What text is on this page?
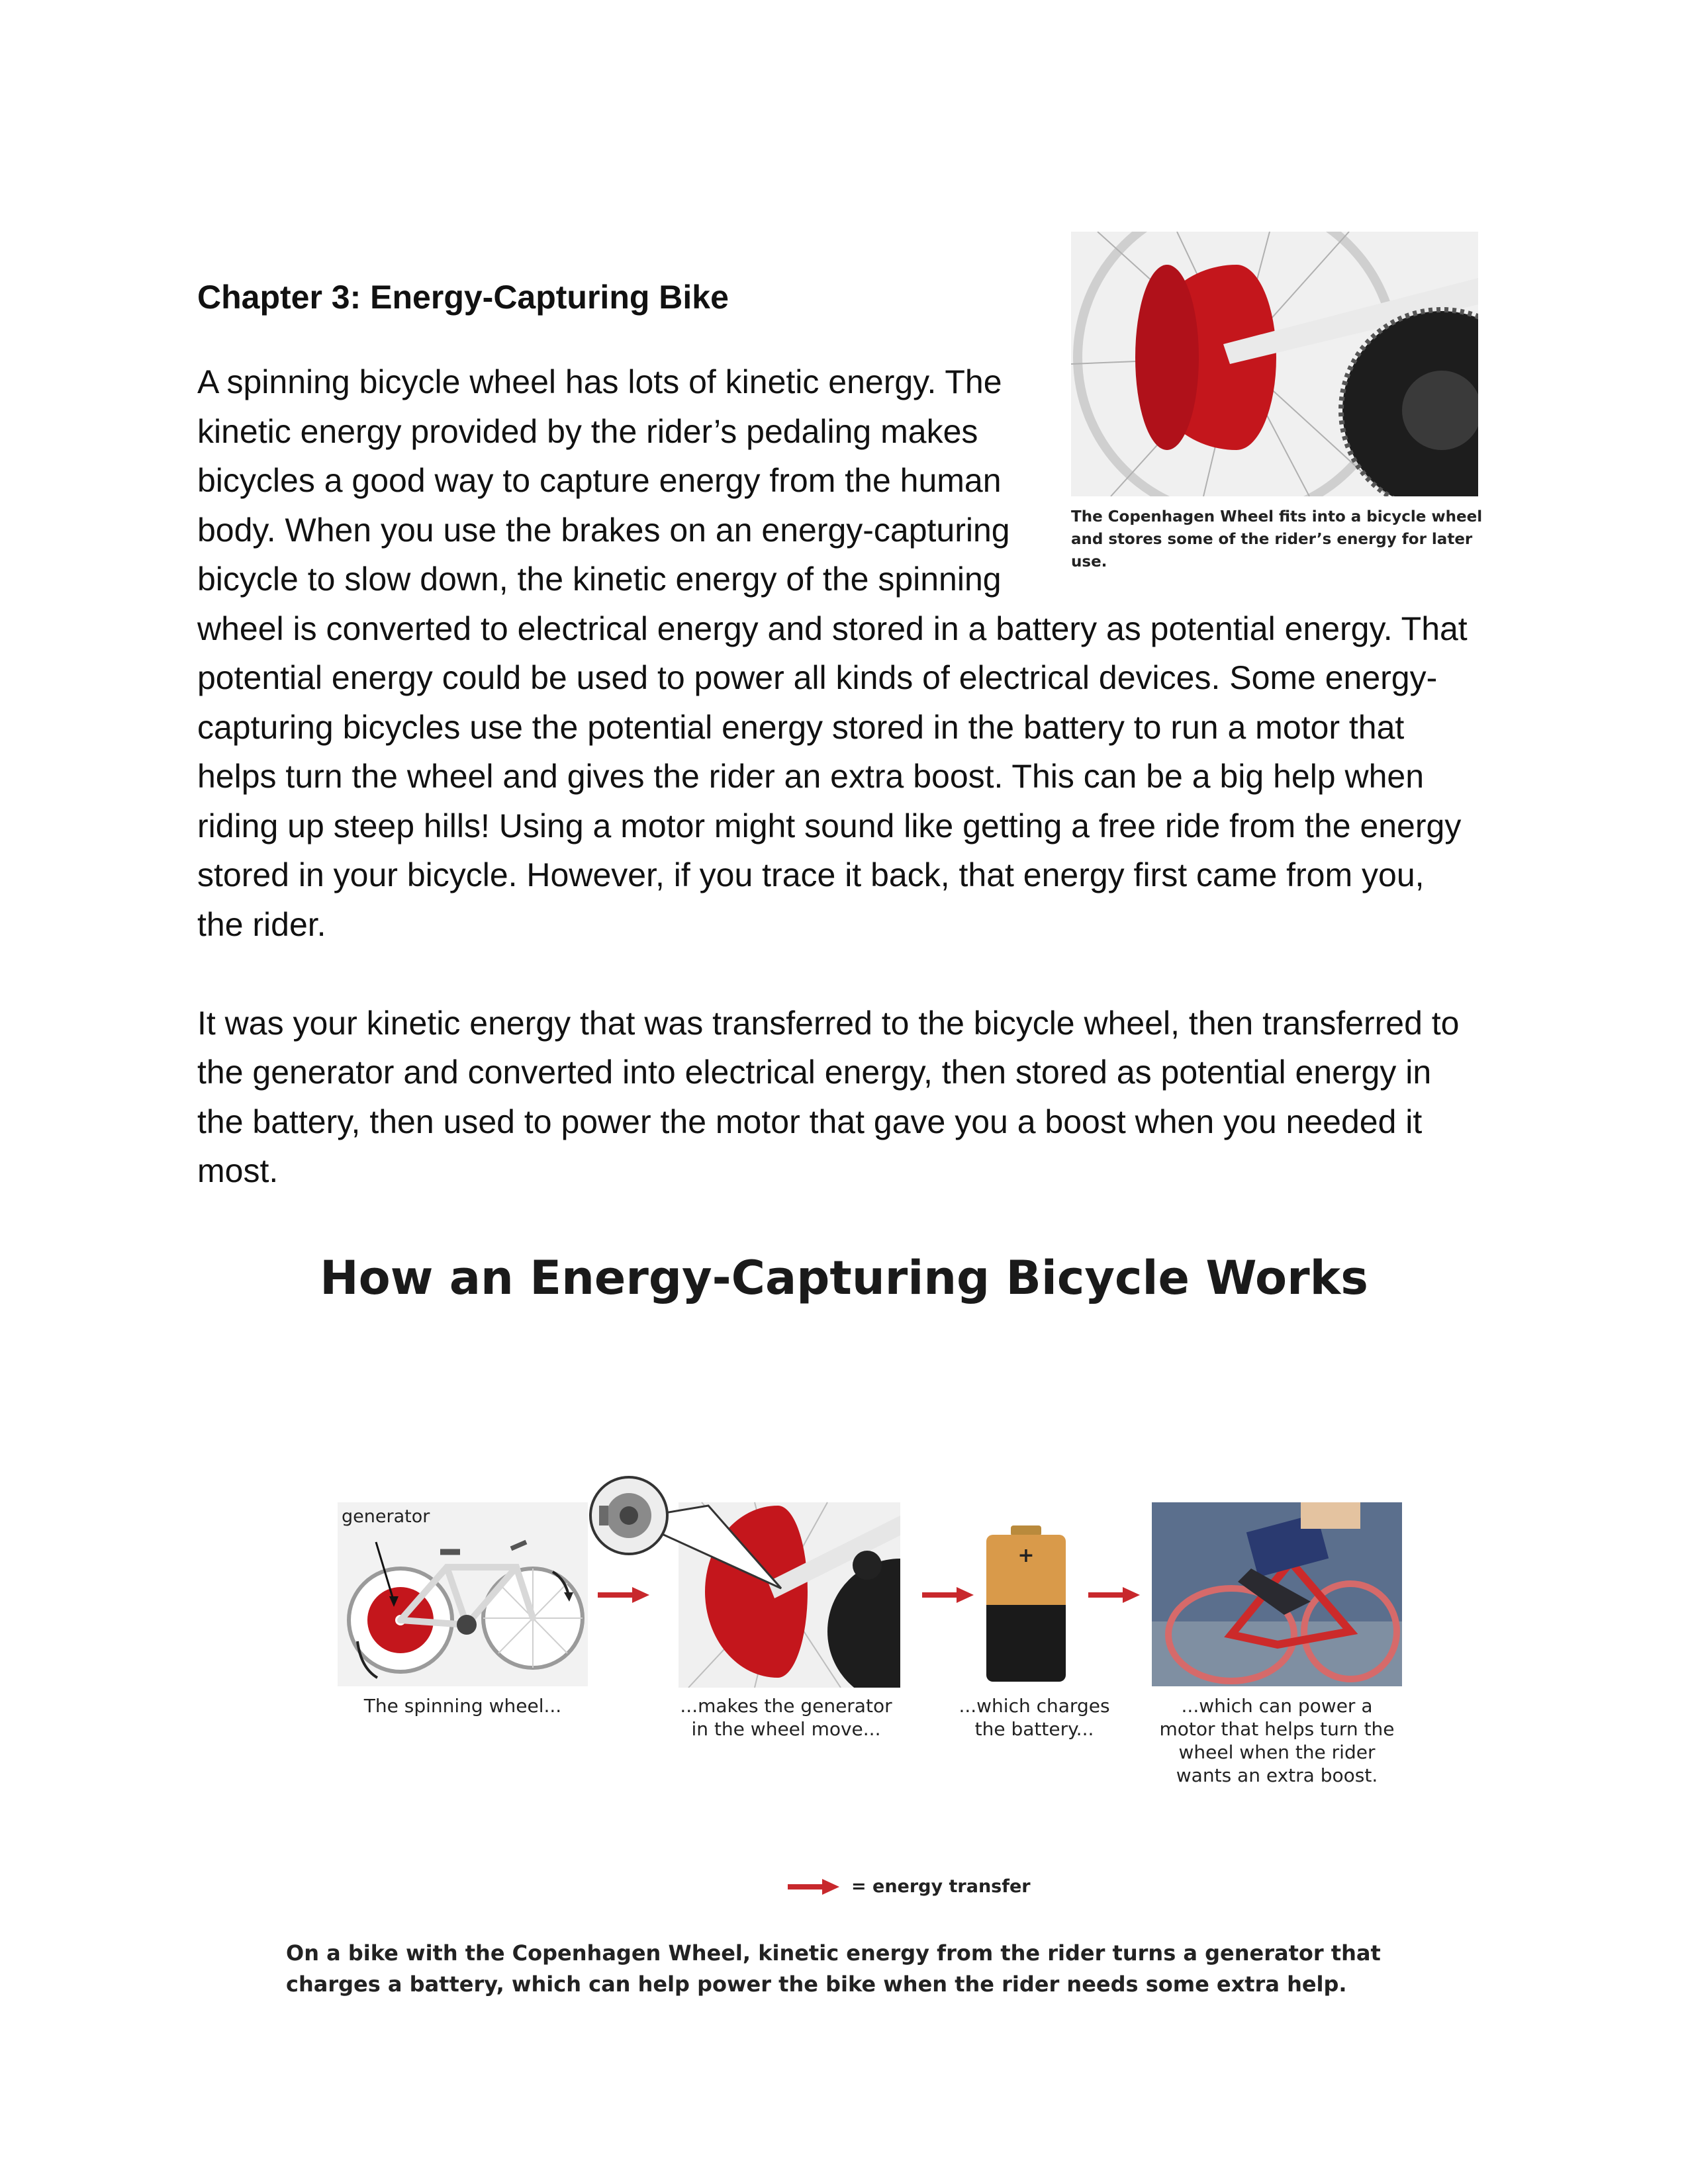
Chapter 3: Energy-Capturing Bike
The Copenhagen Wheel fits into a bicycle wheel and stores some of the rider’s energy for later use.

A spinning bicycle wheel has lots of kinetic energy. The kinetic energy provided by the rider’s pedaling makes bicycles a good way to capture energy from the human body. When you use the brakes on an energy-capturing bicycle to slow down, the kinetic energy of the spinning wheel is converted to electrical energy and stored in a battery as potential energy. That potential energy could be used to power all kinds of electrical devices. Some energy-capturing bicycles use the potential energy stored in the battery to run a motor that helps turn the wheel and gives the rider an extra boost. This can be a big help when riding up steep hills! Using a motor might sound like getting a free ride from the energy stored in your bicycle. However, if you trace it back, that energy first came from you, the rider.

It was your kinetic energy that was transferred to the bicycle wheel, then transferred to the generator and converted into electrical energy, then stored as potential energy in the battery, then used to power the motor that gave you a boost when you needed it most.

How an Energy-Capturing Bicycle Works
generator
+
The spinning wheel...	...makes the generator in the wheel move...
...which charges the battery...
...which can power a motor that helps turn the wheel when the rider wants an extra boost.
= energy transfer
On a bike with the Copenhagen Wheel, kinetic energy from the rider turns a generator that charges a battery, which can help power the bike when the rider needs some extra help.
